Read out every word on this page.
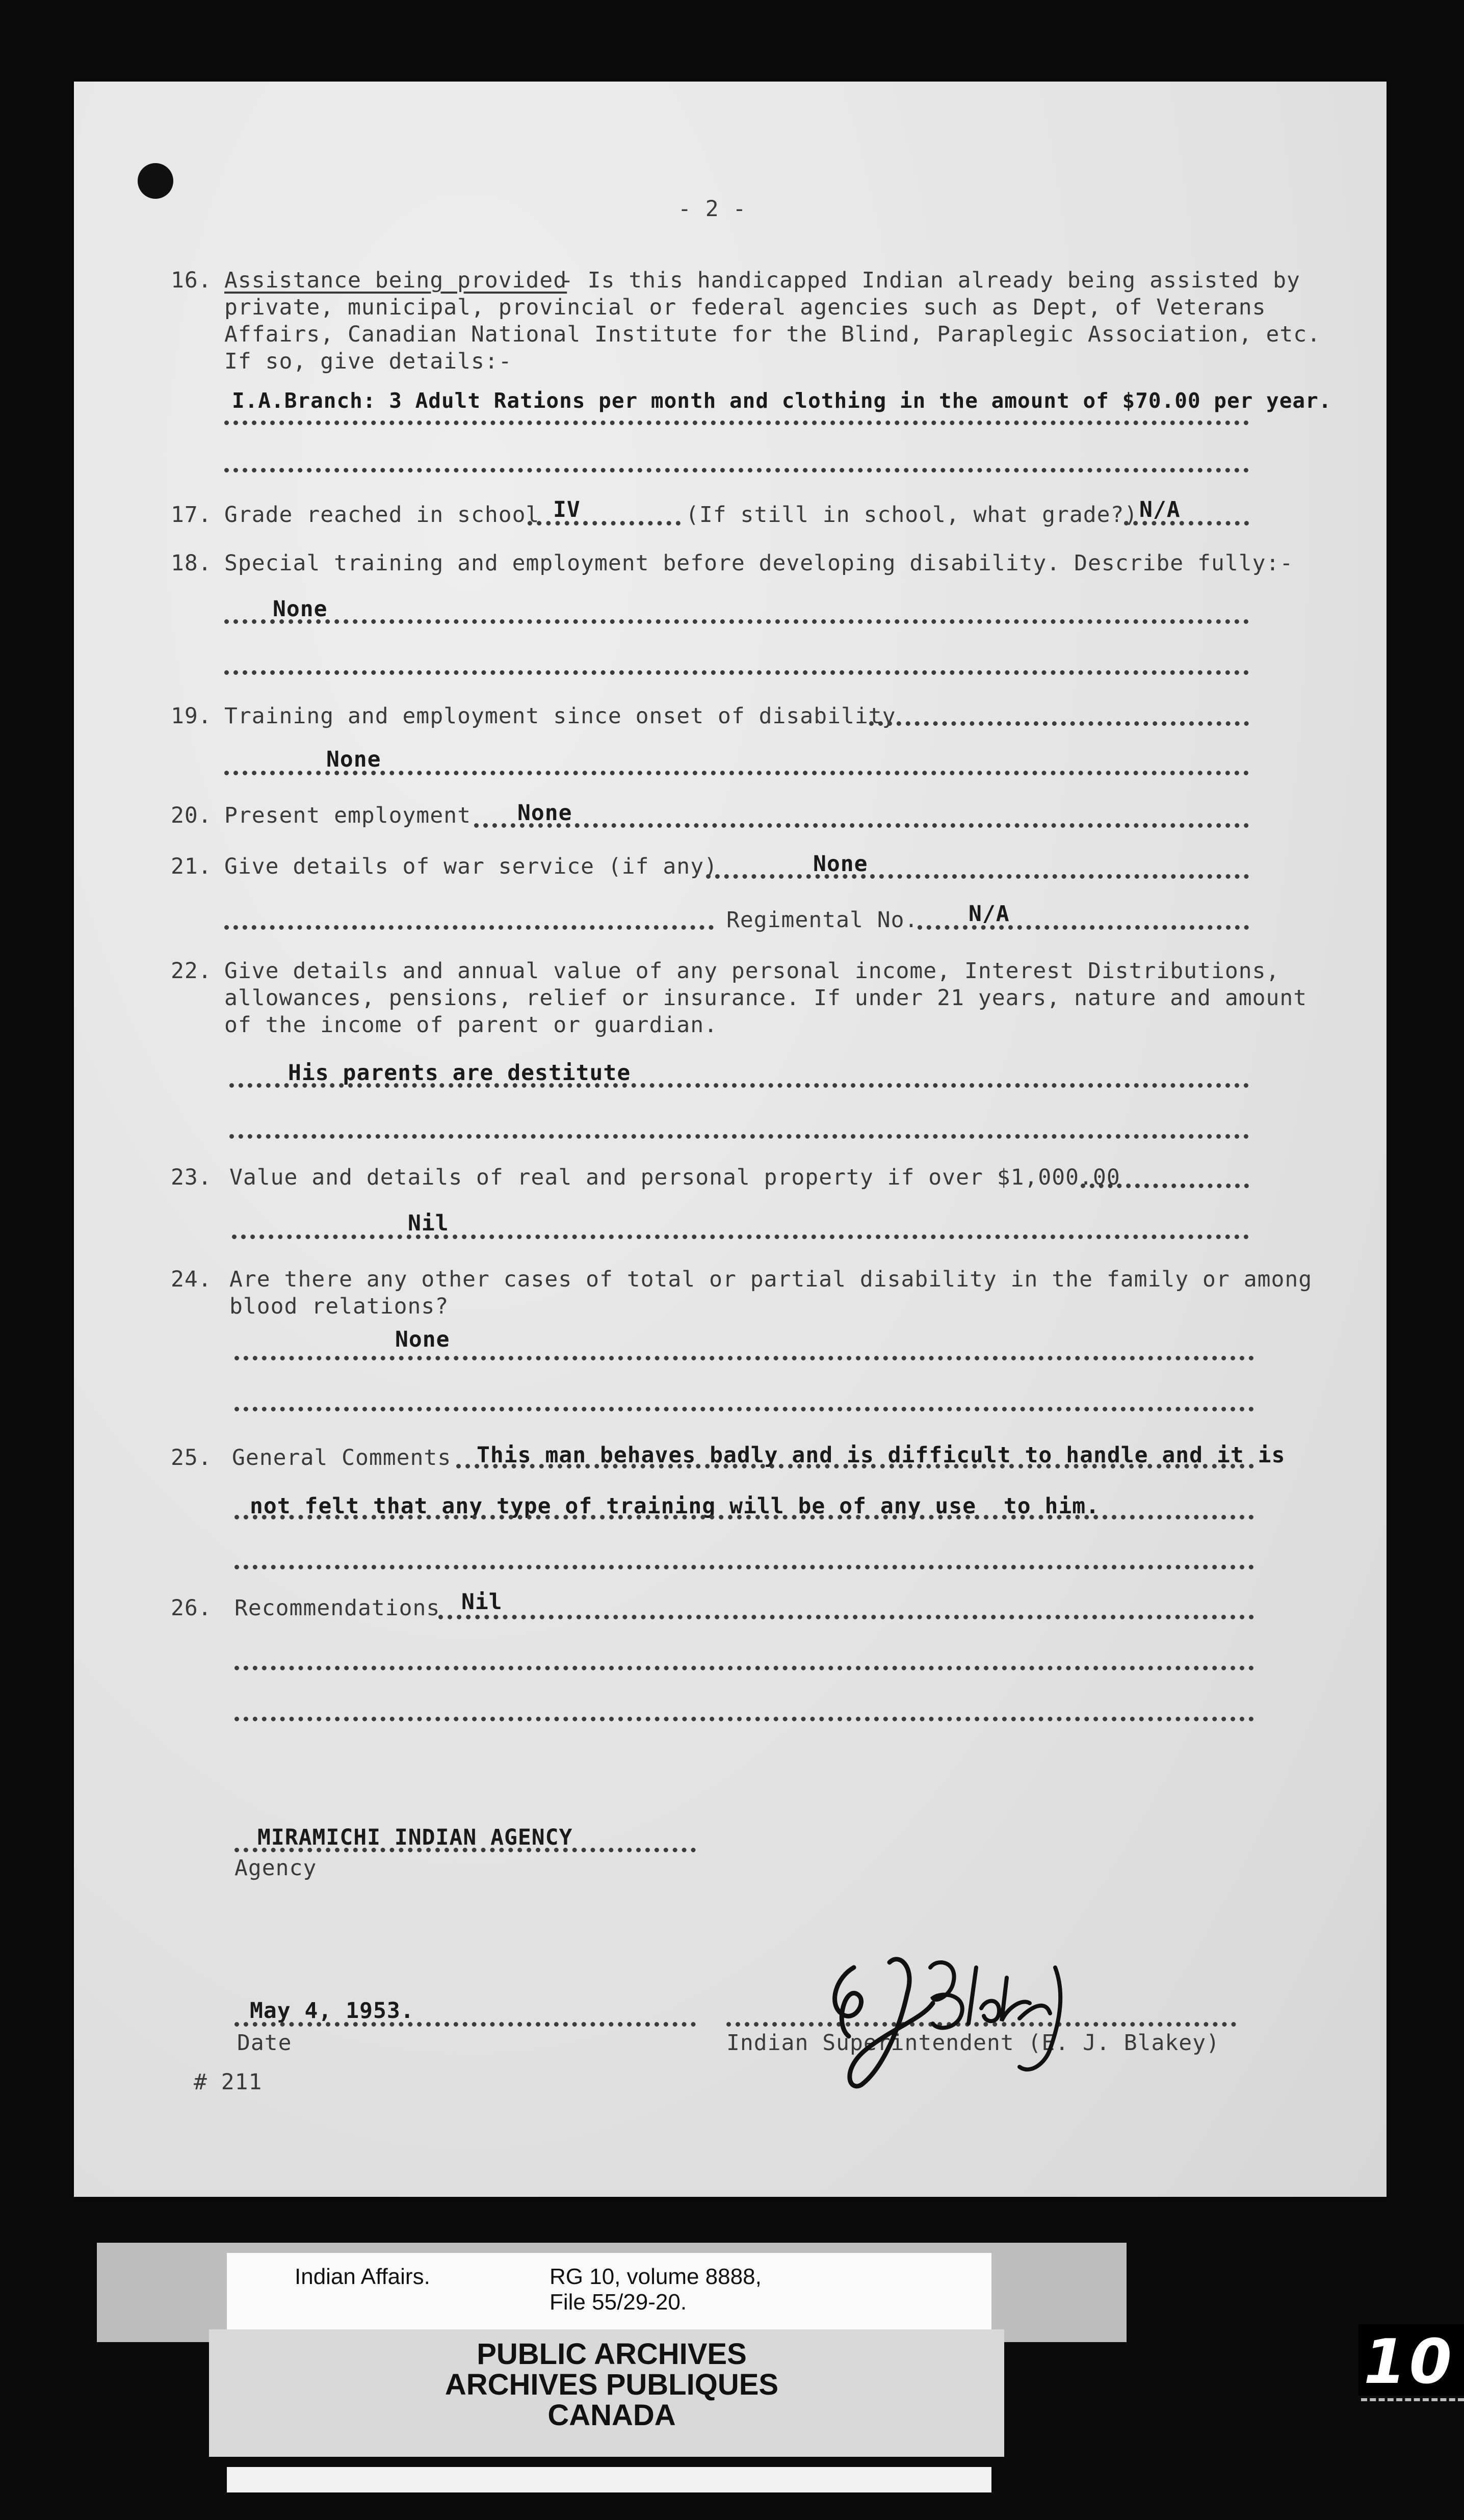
- 2 -
16. Assistance being provided
- Is this handicapped Indian already being assisted by
private, municipal, provincial or federal agencies such as Dept, of Veterans
Affairs, Canadian National Institute for the Blind, Paraplegic Association, etc.
If so, give details:-
I.A.Branch: 3 Adult Rations per month and clothing in the amount of $70.00 per year.
17. Grade reached in school IV	(If still in school, what grade?) N/A
18. Special training and employment before developing disability. Describe fully:-
None
19. Training and employment since onset of disability
None
20. Present employment None
21. Give details of war service (if any)	None
Regimental No. N/A
22. Give details and annual value of any personal income, Interest Distributions,
allowances, pensions, relief or insurance. If under 21 years, nature and amount
of the income of parent or guardian.
His parents are destitute
23. Value and details of real and personal property if over $1,000.00
Nil
24. Are there any other cases of total or partial disability in the family or among
blood relations?
None
25. General Comments This man behaves badly and is difficult to handle and it is
not felt that any type of training will be of any use  to him.
26. Recommendations Nil
MIRAMICHI INDIAN AGENCY
Agency
May 4, 1953.
Date	Indian Superintendent (E. J. Blakey)
# 211
Indian Affairs.	RG 10, volume 8888,
File 55/29-20.
PUBLIC ARCHIVES
ARCHIVES PUBLIQUES
CANADA
10
